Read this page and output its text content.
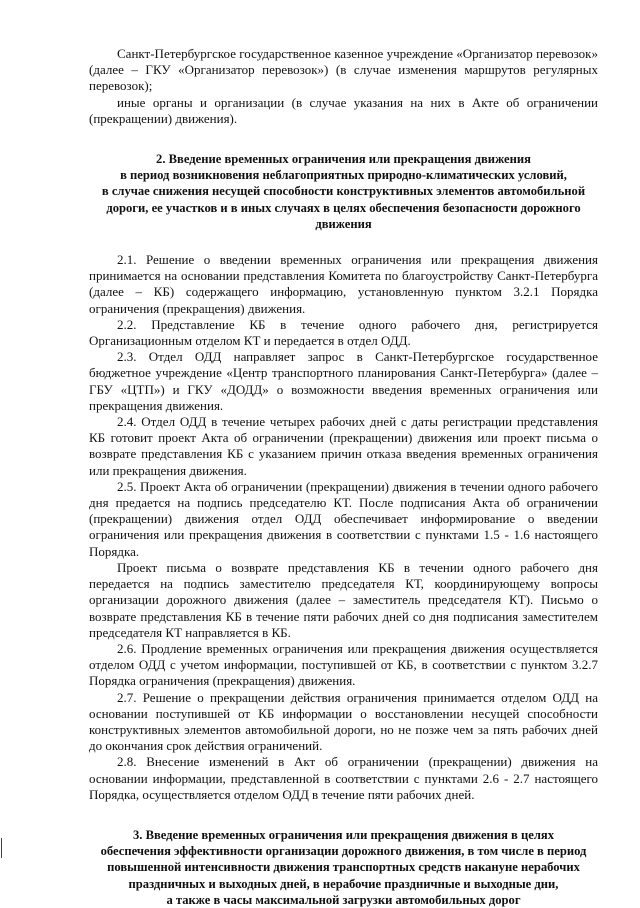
Санкт-Петербургское государственное казенное учреждение «Организатор перевозок» (далее – ГКУ «Организатор перевозок») (в случае изменения маршрутов регулярных перевозок);

иные органы и организации (в случае указания на них в Акте об ограничении (прекращении) движения).

2. Введение временных ограничения или прекращения движения
в период возникновения неблагоприятных природно-климатических условий,
в случае снижения несущей способности конструктивных элементов автомобильной
дороги, ее участков и в иных случаях в целях обеспечения безопасности дорожного
движения

2.1. Решение о введении временных ограничения или прекращения движения принимается на основании представления Комитета по благоустройству Санкт-Петербурга (далее – КБ) содержащего информацию, установленную пунктом 3.2.1 Порядка ограничения (прекращения) движения.

2.2. Представление КБ в течение одного рабочего дня, регистрируется Организационным отделом КТ и передается в отдел ОДД.

2.3. Отдел ОДД направляет запрос в Санкт-Петербургское государственное бюджетное учреждение «Центр транспортного планирования Санкт-Петербурга» (далее – ГБУ «ЦТП») и ГКУ «ДОДД» о возможности введения временных ограничения или прекращения движения.

2.4. Отдел ОДД в течение четырех рабочих дней с даты регистрации представления КБ готовит проект Акта об ограничении (прекращении) движения или проект письма о возврате представления КБ с указанием причин отказа введения временных ограничения или прекращения движения.

2.5. Проект Акта об ограничении (прекращении) движения в течении одного рабочего дня предается на подпись председателю КТ. После подписания Акта об ограничении (прекращении) движения отдел ОДД обеспечивает информирование о введении ограничения или прекращения движения в соответствии с пунктами 1.5 - 1.6 настоящего Порядка.

Проект письма о возврате представления КБ в течении одного рабочего дня передается на подпись заместителю председателя КТ, координирующему вопросы организации дорожного движения (далее – заместитель председателя КТ). Письмо о возврате представления КБ в течение пяти рабочих дней со дня подписания заместителем председателя КТ направляется в КБ.

2.6. Продление временных ограничения или прекращения движения осуществляется отделом ОДД с учетом информации, поступившей от КБ, в соответствии с пунктом 3.2.7 Порядка ограничения (прекращения) движения.

2.7. Решение о прекращении действия ограничения принимается отделом ОДД на основании поступившей от КБ информации о восстановлении несущей способности конструктивных элементов автомобильной дороги, но не позже чем за пять рабочих дней до окончания срок действия ограничений.

2.8. Внесение изменений в Акт об ограничении (прекращении) движения на основании информации, представленной в соответствии с пунктами 2.6 - 2.7 настоящего Порядка, осуществляется отделом ОДД в течение пяти рабочих дней.

3. Введение временных ограничения или прекращения движения в целях
обеспечения эффективности организации дорожного движения, в том числе в период
повышенной интенсивности движения транспортных средств накануне нерабочих
праздничных и выходных дней, в нерабочие праздничные и выходные дни,
а также в часы максимальной загрузки автомобильных дорог
